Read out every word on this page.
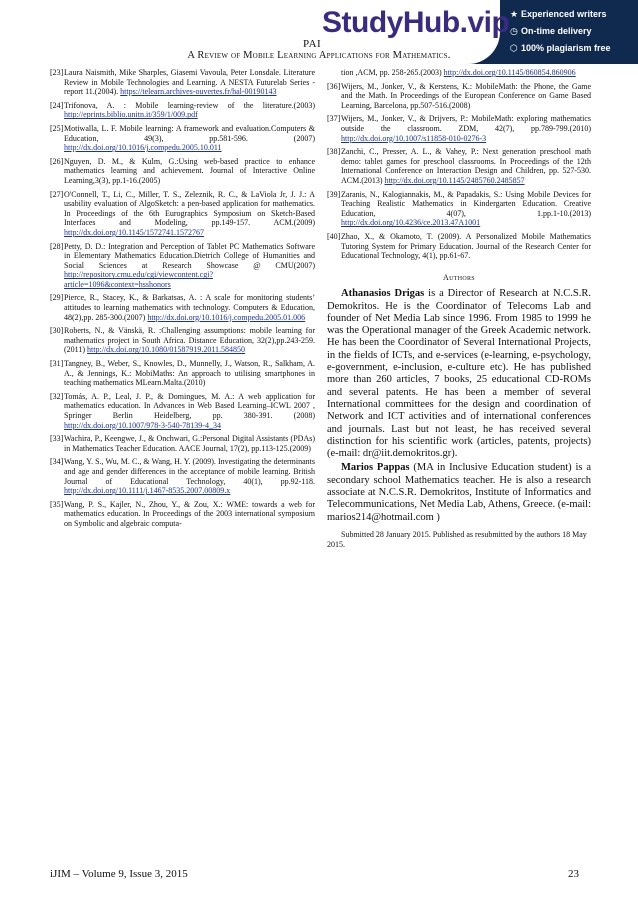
StudyHub.vip ★ Experienced writers
◷ On-time delivery
⬡ 100% plagiarism free
PAI
A Review of Mobile Learning Applications for Mathematics.
[23] Laura Naismith, Mike Sharples, Giasemi Vavoula, Peter Lonsdale. Literature Review in Mobile Technologies and Learning. A NESTA Futurelab Series - report 11.(2004). https://telearn.archives-ouvertes.fr/hal-00190143
[24] Trifonova, A. : Mobile learning-review of the literature.(2003) http://eprints.biblio.unitn.it/359/1/009.pdf
[25] Motiwalla, L. F. Mobile learning: A framework and evaluation.Computers & Education, 49(3), pp.581-596. (2007) http://dx.doi.org/10.1016/j.compedu.2005.10.011
[26] Nguyen, D. M., & Kulm, G.:Using web-based practice to enhance mathematics learning and achievement. Journal of Interactive Online Learning,3(3), pp.1-16.(2005)
[27] O'Connell, T., Li, C., Miller, T. S., Zeleznik, R. C., & LaViola Jr, J. J.: A usability evaluation of AlgoSketch: a pen-based application for mathematics. In Proceedings of the 6th Eurographics Symposium on Sketch-Based Interfaces and Modeling, pp.149-157. ACM.(2009) http://dx.doi.org/10.1145/1572741.1572767
[28] Petty, D. D.: Integration and Perception of Tablet PC Mathematics Software in Elementary Mathematics Education.Dietrich College of Humanities and Social Sciences at Research Showcase @ CMU(2007) http://repository.cmu.edu/cgi/viewcontent.cgi?article=1096&context=hsshonors
[29] Pierce, R., Stacey, K., & Barkatsas, A. : A scale for monitoring students’ attitudes to learning mathematics with technology. Computers & Education, 48(2),pp. 285-300.(2007) http://dx.doi.org/10.1016/j.compedu.2005.01.006
[30] Roberts, N., & Vänskä, R. :Challenging assumptions: mobile learning for mathematics project in South Africa. Distance Education, 32(2),pp.243-259.(2011) http://dx.doi.org/10.1080/01587919.2011.584850
[31] Tangney, B., Weber, S., Knowles, D., Munnelly, J., Watson, R., Salkham, A. A., & Jennings, K.: MobiMaths: An approach to utilising smartphones in teaching mathematics MLearn.Malta.(2010)
[32] Tomás, A. P., Leal, J. P., & Domingues, M. A.: A web application for mathematics education. In Advances in Web Based Learning–ICWL 2007 , Springer Berlin Heidelberg, pp. 380-391. (2008) http://dx.doi.org/10.1007/978-3-540-78139-4_34
[33] Wachira, P., Keengwe, J., & Onchwari, G.:Personal Digital Assistants (PDAs) in Mathematics Teacher Education. AACE Journal, 17(2), pp.113-125.(2009)
[34] Wang, Y. S., Wu, M. C., & Wang, H. Y. (2009). Investigating the determinants and age and gender differences in the acceptance of mobile learning. British Journal of Educational Technology, 40(1), pp.92-118. http://dx.doi.org/10.1111/j.1467-8535.2007.00809.x
[35] Wang, P. S., Kajler, N., Zhou, Y., & Zou, X.: WME: towards a web for mathematics education. In Proceedings of the 2003 international symposium on Symbolic and algebraic computa-
tion ,ACM, pp. 258-265.(2003) http://dx.doi.org/10.1145/860854.860906
[36] Wijers, M., Jonker, V., & Kerstens, K.: MobileMath: the Phone, the Game and the Math. In Proceedings of the European Conference on Game Based Learning, Barcelona, pp.507-516.(2008)
[37] Wijers, M., Jonker, V., & Drijvers, P.: MobileMath: exploring mathematics outside the classroom. ZDM, 42(7), pp.789-799.(2010) http://dx.doi.org/10.1007/s11858-010-0276-3
[38] Zanchi, C., Presser, A. L., & Vahey, P.: Next generation preschool math demo: tablet games for preschool classrooms. In Proceedings of the 12th International Conference on Interaction Design and Children, pp. 527-530. ACM.(2013) http://dx.doi.org/10.1145/2485760.2485857
[39] Zaranis, N., Kalogiannakis, M., & Papadakis, S.: Using Mobile Devices for Teaching Realistic Mathematics in Kindergarten Education. Creative Education, 4(07), 1.pp.1-10.(2013) http://dx.doi.org/10.4236/ce.2013.47A1001
[40] Zhao, X., & Okamoto, T. (2009). A Personalized Mobile Mathematics Tutoring System for Primary Education. Journal of the Research Center for Educational Technology, 4(1), pp.61-67.
Authors
Athanasios Drigas is a Director of Research at N.C.S.R. Demokritos. He is the Coordinator of Telecoms Lab and founder of Net Media Lab since 1996. From 1985 to 1999 he was the Operational manager of the Greek Academic network. He has been the Coordinator of Several International Projects, in the fields of ICTs, and e-services (e-learning, e-psychology, e-government, e-inclusion, e-culture etc). He has published more than 260 articles, 7 books, 25 educational CD-ROMs and several patents. He has been a member of several International committees for the design and coordination of Network and ICT activities and of international conferences and journals. Last but not least, he has received several distinction for his scientific work (articles, patents, projects) (e-mail: dr@iit.demokritos.gr).
Marios Pappas (MA in Inclusive Education student) is a secondary school Mathematics teacher. He is also a research associate at N.C.S.R. Demokritos, Institute of Informatics and Telecommunications, Net Media Lab, Athens, Greece. (e-mail: marios214@hotmail.com )
Submitted 28 January 2015. Published as resubmitted by the authors 18 May 2015.
iJIM – Volume 9, Issue 3, 2015	23
